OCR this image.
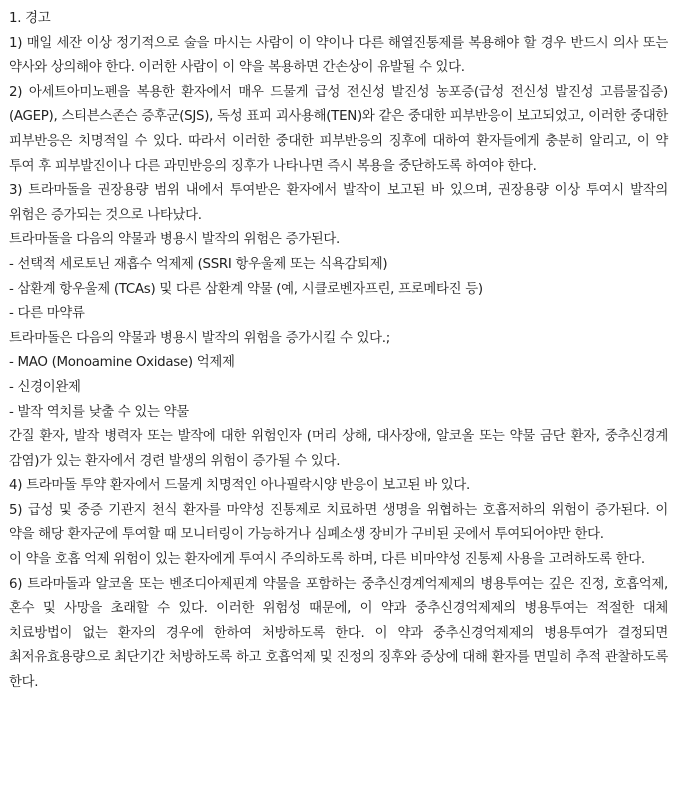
1. 경고

1) 매일 세잔 이상 정기적으로 술을 마시는 사람이 이 약이나 다른 해열진통제를 복용해야 할 경우 반드시 의사 또는 약사와 상의해야 한다. 이러한 사람이 이 약을 복용하면 간손상이 유발될 수 있다.

2) 아세트아미노펜을 복용한 환자에서 매우 드물게 급성 전신성 발진성 농포증(급성 전신성 발진성 고름물집증)(AGEP), 스티븐스존슨 증후군(SJS), 독성 표피 괴사용해(TEN)와 같은 중대한 피부반응이 보고되었고, 이러한 중대한 피부반응은 치명적일 수 있다. 따라서 이러한 중대한 피부반응의 징후에 대하여 환자들에게 충분히 알리고, 이 약 투여 후 피부발진이나 다른 과민반응의 징후가 나타나면 즉시 복용을 중단하도록 하여야 한다.

3) 트라마돌을 권장용량 범위 내에서 투여받은 환자에서 발작이 보고된 바 있으며, 권장용량 이상 투여시 발작의 위험은 증가되는 것으로 나타났다.

트라마돌을 다음의 약물과 병용시 발작의 위험은 증가된다.

- 선택적 세로토닌 재흡수 억제제 (SSRI 항우울제 또는 식욕감퇴제)

- 삼환계 항우울제 (TCAs) 및 다른 삼환계 약물 (예, 시클로벤자프린, 프로메타진 등)

- 다른 마약류

트라마돌은 다음의 약물과 병용시 발작의 위험을 증가시킬 수 있다.;

- MAO (Monoamine Oxidase) 억제제

- 신경이완제

- 발작 역치를 낮출 수 있는 약물

간질 환자, 발작 병력자 또는 발작에 대한 위험인자 (머리 상해, 대사장애, 알코올 또는 약물 금단 환자, 중추신경계 감염)가 있는 환자에서 경련 발생의 위험이 증가될 수 있다.

4) 트라마돌 투약 환자에서 드물게 치명적인 아나필락시양 반응이 보고된 바 있다.

5) 급성 및 중증 기관지 천식 환자를 마약성 진통제로 치료하면 생명을 위협하는 호흡저하의 위험이 증가된다. 이 약을 해당 환자군에 투여할 때 모니터링이 가능하거나 심폐소생 장비가 구비된 곳에서 투여되어야만 한다.

이 약을 호흡 억제 위험이 있는 환자에게 투여시 주의하도록 하며, 다른 비마약성 진통제 사용을 고려하도록 한다.

6) 트라마돌과 알코올 또는 벤조디아제핀계 약물을 포함하는 중추신경계억제제의 병용투여는 깊은 진정, 호흡억제, 혼수 및 사망을 초래할 수 있다. 이러한 위험성 때문에, 이 약과 중추신경억제제의 병용투여는 적절한 대체 치료방법이 없는 환자의 경우에 한하여 처방하도록 한다. 이 약과 중추신경억제제의 병용투여가 결정되면 최저유효용량으로 최단기간 처방하도록 하고 호흡억제 및 진정의 징후와 증상에 대해 환자를 면밀히 추적 관찰하도록 한다.
